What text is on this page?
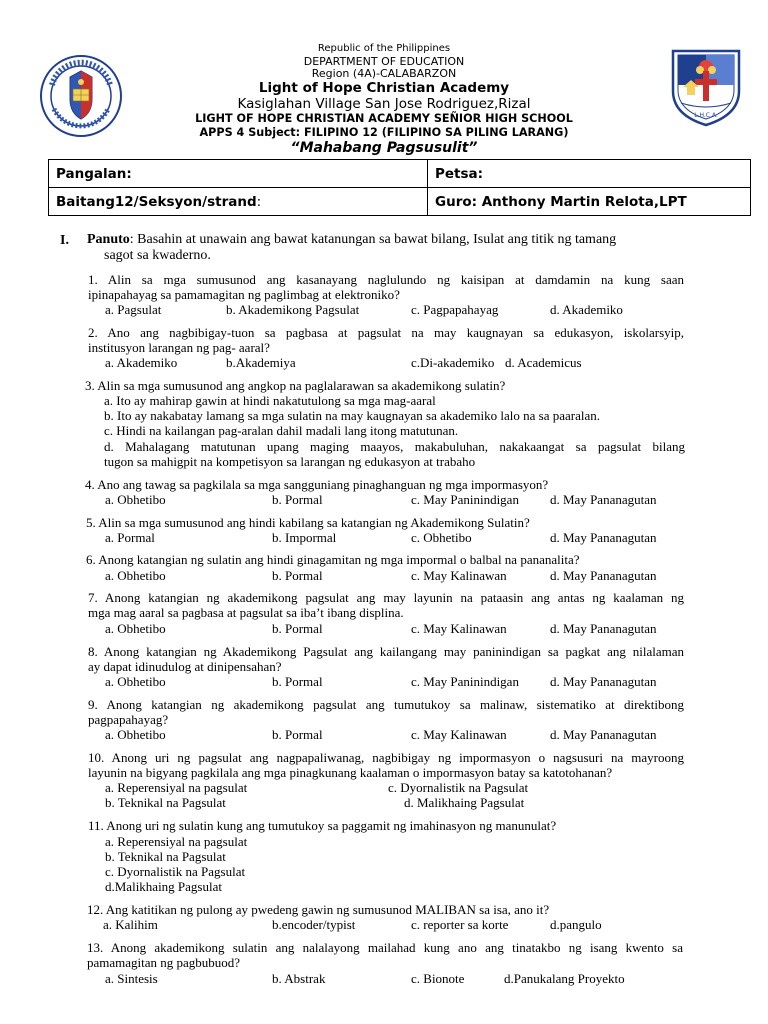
L.H.C.A.
Republic of the Philippines
DEPARTMENT OF EDUCATION
Region (4A)-CALABARZON
Light of Hope Christian Academy
Kasiglahan Village San Jose Rodriguez,Rizal
LIGHT OF HOPE CHRISTIAN ACADEMY SEÑIOR HIGH SCHOOL
APPS 4 Subject: FILIPINO 12 (FILIPINO SA PILING LARANG)
“Mahabang Pagsusulit”
Pangalan:	Petsa:
Baitang12/Seksyon/strand:	Guro: Anthony Martin Relota,LPT
I. Panuto: Basahin at unawain ang bawat katanungan sa bawat bilang, Isulat ang titik ng tamang
sagot sa kwaderno.
1. Alin sa mga sumusunod ang kasanayang naglulundo ng kaisipan at damdamin na kung saan
ipinapahayag sa pamamagitan ng paglimbag at elektroniko?
a. Pagsulat	b. Akademikong Pagsulat	c. Pagpapahayag	d. Akademiko
2. Ano ang nagbibigay-tuon sa pagbasa at pagsulat na may kaugnayan sa edukasyon, iskolarsyip,
institusyon larangan ng pag- aaral?
a. Akademiko	b.Akademiya	c.Di-akademiko d. Academicus
3. Alin sa mga sumusunod ang angkop na paglalarawan sa akademikong sulatin?
a. Ito ay mahirap gawin at hindi nakatutulong sa mga mag-aaral
b. Ito ay nakabatay lamang sa mga sulatin na may kaugnayan sa akademiko lalo na sa paaralan.
c. Hindi na kailangan pag-aralan dahil madali lang itong matutunan.
d. Mahalagang matutunan upang maging maayos, makabuluhan, nakakaangat sa pagsulat bilang
tugon sa mahigpit na kompetisyon sa larangan ng edukasyon at trabaho
4. Ano ang tawag sa pagkilala sa mga sangguniang pinaghanguan ng mga impormasyon?
a. Obhetibo	b. Pormal	c. May Paninindigan d. May Pananagutan
5. Alin sa mga sumusunod ang hindi kabilang sa katangian ng Akademikong Sulatin?
a. Pormal	b. Impormal	c. Obhetibo	d. May Pananagutan
6. Anong katangian ng sulatin ang hindi ginagamitan ng mga impormal o balbal na pananalita?
a. Obhetibo	b. Pormal	c. May Kalinawan	d. May Pananagutan
7. Anong katangian ng akademikong pagsulat ang may layunin na pataasin ang antas ng kaalaman ng
mga mag aaral sa pagbasa at pagsulat sa iba’t ibang displina.
a. Obhetibo	b. Pormal	c. May Kalinawan	d. May Pananagutan
8. Anong katangian ng Akademikong Pagsulat ang kailangang may paninindigan sa pagkat ang nilalaman
ay dapat idinudulog at dinipensahan?
a. Obhetibo	b. Pormal	c. May Paninindigan d. May Pananagutan
9. Anong katangian ng akademikong pagsulat ang tumutukoy sa malinaw, sistematiko at direktibong
pagpapahayag?
a. Obhetibo	b. Pormal	c. May Kalinawan	d. May Pananagutan
10. Anong uri ng pagsulat ang nagpapaliwanag, nagbibigay ng impormasyon o nagsusuri na mayroong
layunin na bigyang pagkilala ang mga pinagkunang kaalaman o impormasyon batay sa katotohanan?
a. Reperensiyal na pagsulat	c. Dyornalistik na Pagsulat
b. Teknikal na Pagsulat	d. Malikhaing Pagsulat
11. Anong uri ng sulatin kung ang tumutukoy sa paggamit ng imahinasyon ng manunulat?
a. Reperensiyal na pagsulat
b. Teknikal na Pagsulat
c. Dyornalistik na Pagsulat
d.Malikhaing Pagsulat
12. Ang katitikan ng pulong ay pwedeng gawin ng sumusunod MALIBAN sa isa, ano it?
a. Kalihim	b.encoder/typist	c. reporter sa korte	d.pangulo
13. Anong akademikong sulatin ang nalalayong mailahad kung ano ang tinatakbo ng isang kwento sa
pamamagitan ng pagbubuod?
a. Sintesis	b. Abstrak	c. Bionote	d.Panukalang Proyekto
